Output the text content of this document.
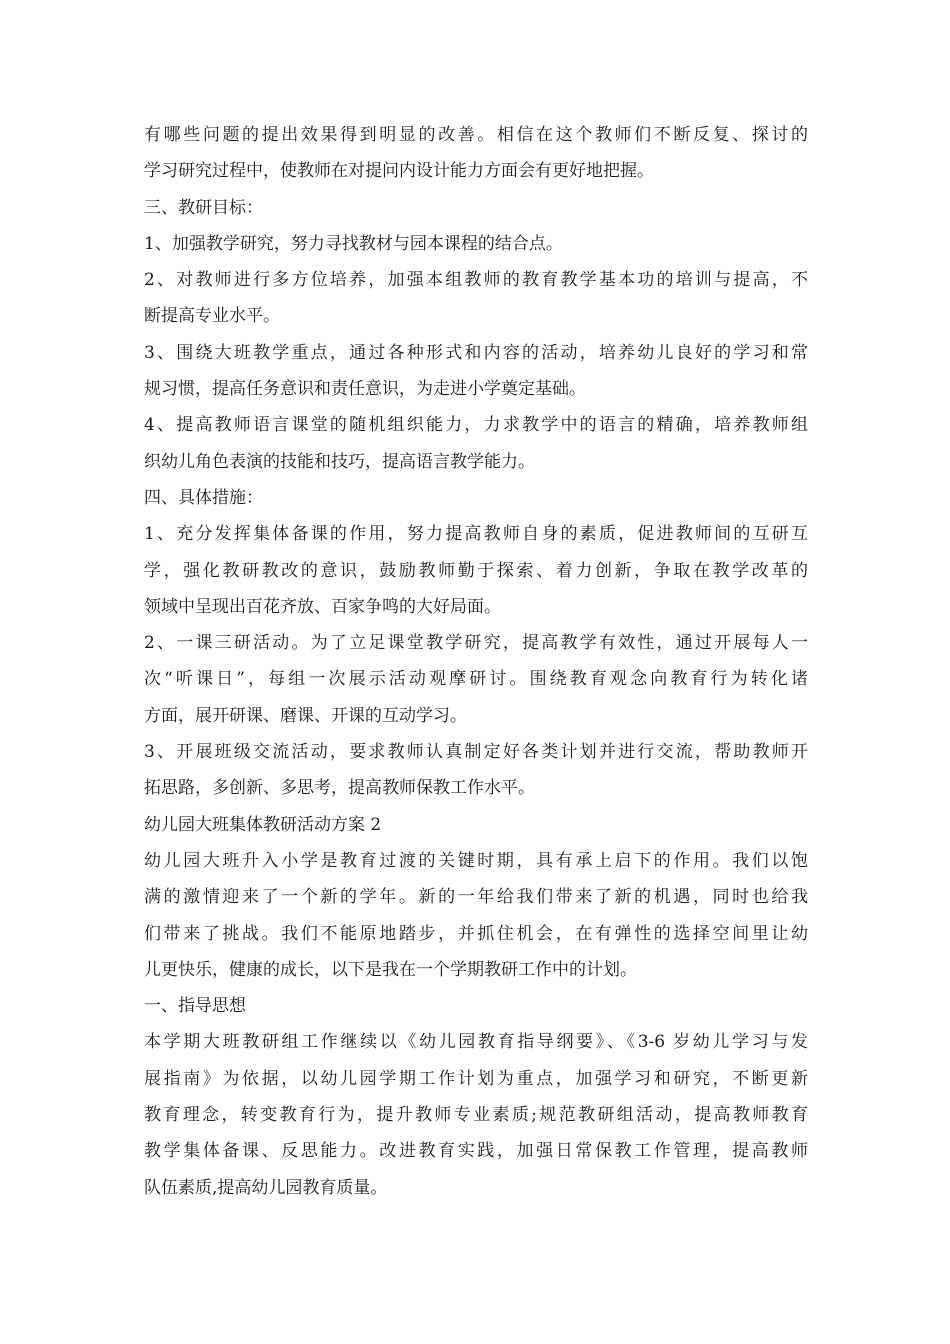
有哪些问题的提出效果得到明显的改善。相信在这个教师们不断反复、探讨的
学习研究过程中，使教师在对提问内设计能力方面会有更好地把握。
三、教研目标：
1、加强教学研究，努力寻找教材与园本课程的结合点。
2、对教师进行多方位培养，加强本组教师的教育教学基本功的培训与提高，不
断提高专业水平。
3、围绕大班教学重点，通过各种形式和内容的活动，培养幼儿良好的学习和常
规习惯，提高任务意识和责任意识，为走进小学奠定基础。
4、提高教师语言课堂的随机组织能力，力求教学中的语言的精确，培养教师组
织幼儿角色表演的技能和技巧，提高语言教学能力。
四、具体措施：
1、充分发挥集体备课的作用，努力提高教师自身的素质，促进教师间的互研互
学，强化教研教改的意识，鼓励教师勤于探索、着力创新，争取在教学改革的
领域中呈现出百花齐放、百家争鸣的大好局面。
2、一课三研活动。为了立足课堂教学研究，提高教学有效性，通过开展每人一
次“听课日”，每组一次展示活动观摩研讨。围绕教育观念向教育行为转化诸
方面，展开研课、磨课、开课的互动学习。
3、开展班级交流活动，要求教师认真制定好各类计划并进行交流，帮助教师开
拓思路，多创新、多思考，提高教师保教工作水平。
幼儿园大班集体教研活动方案 2
幼儿园大班升入小学是教育过渡的关键时期，具有承上启下的作用。我们以饱
满的激情迎来了一个新的学年。新的一年给我们带来了新的机遇，同时也给我
们带来了挑战。我们不能原地踏步，并抓住机会，在有弹性的选择空间里让幼
儿更快乐，健康的成长，以下是我在一个学期教研工作中的计划。
一、指导思想
本学期大班教研组工作继续以《幼儿园教育指导纲要》、《3-6 岁幼儿学习与发
展指南》为依据，以幼儿园学期工作计划为重点，加强学习和研究，不断更新
教育理念，转变教育行为，提升教师专业素质;规范教研组活动，提高教师教育
教学集体备课、反思能力。改进教育实践，加强日常保教工作管理，提高教师
队伍素质,提高幼儿园教育质量。
